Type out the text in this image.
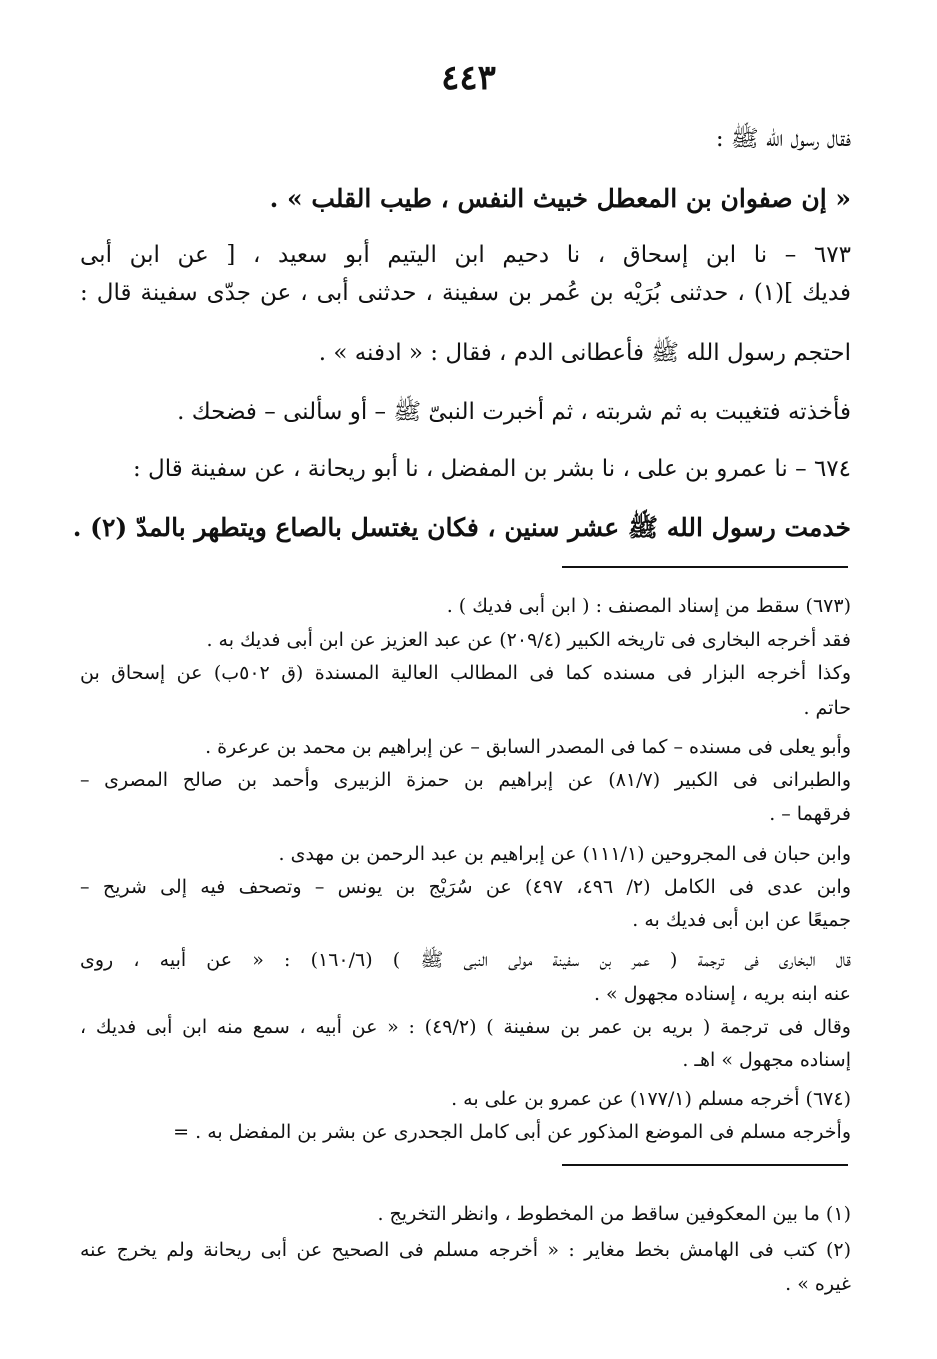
٤٤٣
فقال رسول الله ﷺ :
« إن صفوان بن المعطل خبيث النفس ، طيب القلب » .
٦٧٣ – نا ابن إسحاق ، نا دحيم ابن اليتيم أبو سعيد ، [ عن ابن أبى
فديك ](١) ، حدثنى بُرَيْه بن عُمر بن سفينة ، حدثنى أبى ، عن جدّى سفينة قال :
احتجم رسول الله ﷺ فأعطانى الدم ، فقال : « ادفنه » .
فأخذته فتغيبت به ثم شربته ، ثم أخبرت النبىّ ﷺ – أو سألنى – فضحك .
٦٧٤ – نا عمرو بن على ، نا بشر بن المفضل ، نا أبو ريحانة ، عن سفينة قال :
خدمت رسول الله ﷺ عشر سنين ، فكان يغتسل بالصاع ويتطهر بالمدّ (٢) .
(٦٧٣) سقط من إسناد المصنف : ( ابن أبى فديك ) .
فقد أخرجه البخارى فى تاريخه الكبير (٢٠٩/٤) عن عبد العزيز عن ابن أبى فديك به .
وكذا أخرجه البزار فى مسنده كما فى المطالب العالية المسندة (ق ٥٠٢ب) عن إسحاق بن
حاتم .
وأبو يعلى فى مسنده – كما فى المصدر السابق – عن إبراهيم بن محمد بن عرعرة .
والطبرانى فى الكبير (٨١/٧) عن إبراهيم بن حمزة الزبيرى وأحمد بن صالح المصرى –
فرقهما – .
وابن حبان فى المجروحين (١١١/١) عن إبراهيم بن عبد الرحمن بن مهدى .
وابن عدى فى الكامل (٢/ ٤٩٦، ٤٩٧) عن سُرَيْج بن يونس – وتصحف فيه إلى شريح –
جميعًا عن ابن أبى فديك به .
قال البخارى فى ترجمة ( عمر بن سفينة مولى النبى ﷺ ) (١٦٠/٦) : « عن أبيه ، روى
عنه ابنه بريه ، إسناده مجهول » .
وقال فى ترجمة ( بريه بن عمر بن سفينة ) (٤٩/٢) : « عن أبيه ، سمع منه ابن أبى فديك ،
إسناده مجهول » اهـ .
(٦٧٤) أخرجه مسلم (١٧٧/١) عن عمرو بن على به .
وأخرجه مسلم فى الموضع المذكور عن أبى كامل الجحدرى عن بشر بن المفضل به . =
(١) ما بين المعكوفين ساقط من المخطوط ، وانظر التخريج .
(٢) كتب فى الهامش بخط مغاير : « أخرجه مسلم فى الصحيح عن أبى ريحانة ولم يخرج عنه
غيره » .
